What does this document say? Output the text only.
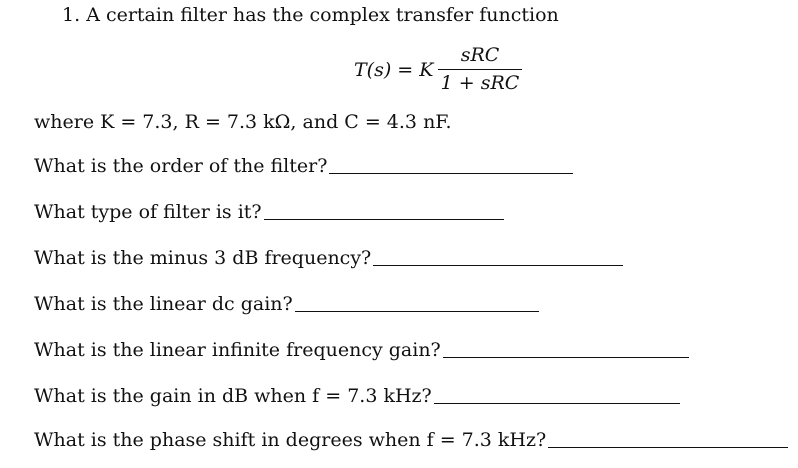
1. A certain filter has the complex transfer function
T(s) = K
sRC
1 + sRC
where K = 7.3, R = 7.3 kΩ, and C = 4.3 nF.
What is the order of the filter?
What type of filter is it?
What is the minus 3 dB frequency?
What is the linear dc gain?
What is the linear infinite frequency gain?
What is the gain in dB when f = 7.3 kHz?
What is the phase shift in degrees when f = 7.3 kHz?
